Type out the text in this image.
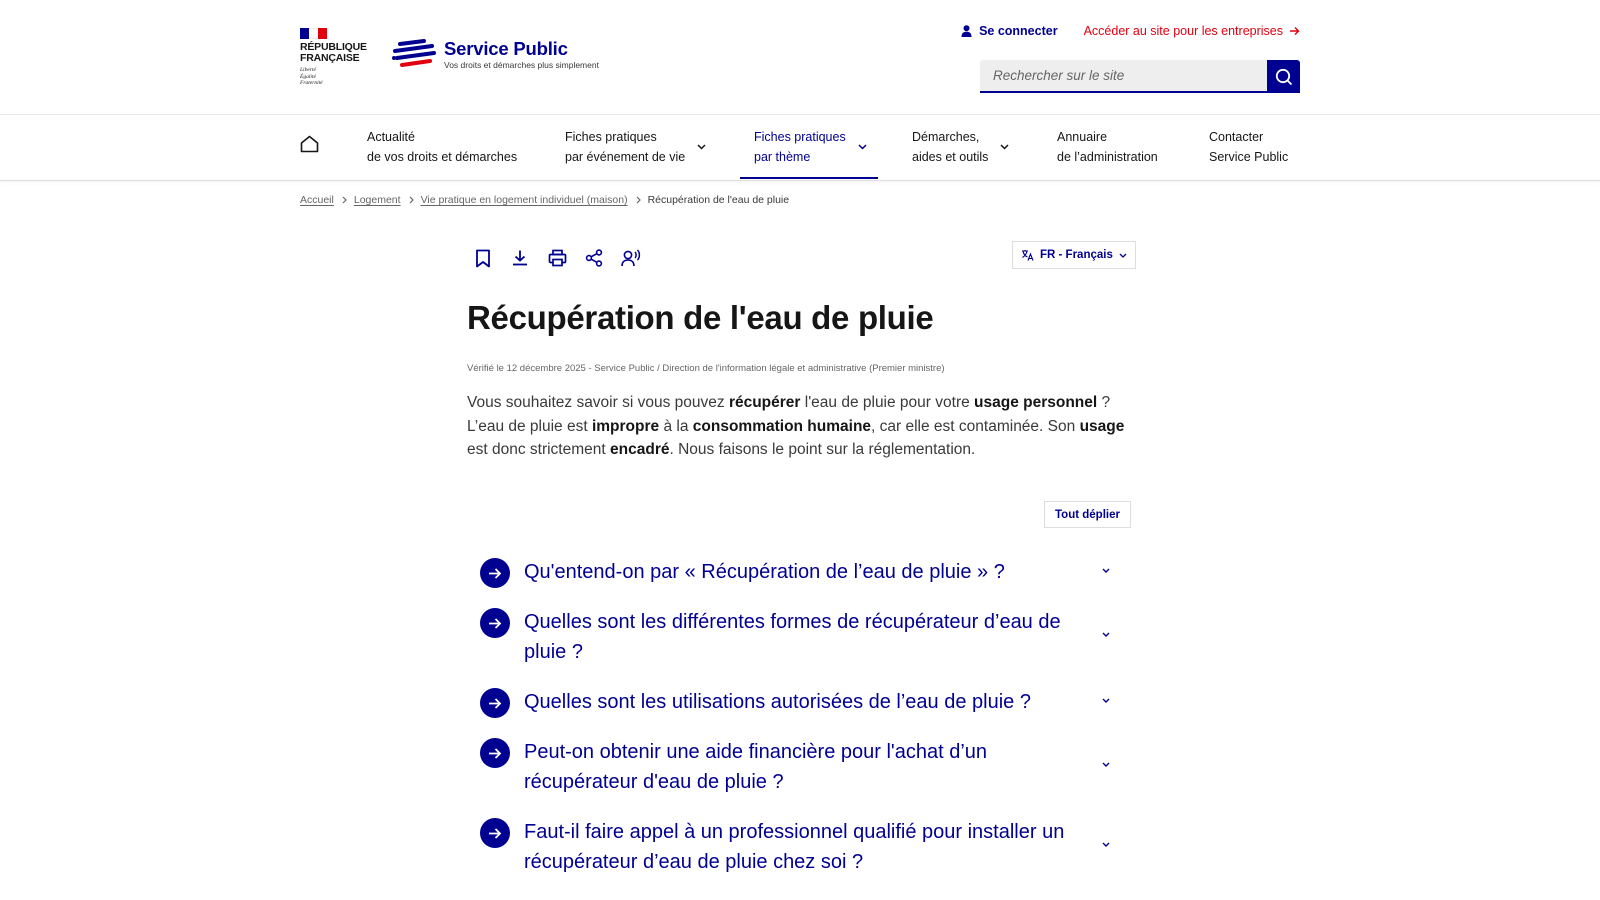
RÉPUBLIQUE
FRANÇAISE
Liberté
Égalité
Fraternité
Service Public
Vos droits et démarches plus simplement
Se connecter Accéder au site pour les entreprises
Rechercher sur le site
Actualité
de vos droits et démarches
Fiches pratiques
par événement de vie
Fiches pratiques
par thème
Démarches,
aides et outils
Annuaire
de l’administration
Contacter
Service Public
Accueil Logement Vie pratique en logement individuel (maison) Récupération de l'eau de pluie
FR - Français
Récupération de l'eau de pluie
Vérifié le 12 décembre 2025 - Service Public / Direction de l'information légale et administrative (Premier ministre)

Vous souhaitez savoir si vous pouvez récupérer l'eau de pluie pour votre usage personnel ? L’eau de pluie est impropre à la consommation humaine, car elle est contaminée. Son usage est donc strictement encadré. Nous faisons le point sur la réglementation.

Tout déplier
Qu'entend-on par « Récupération de l’eau de pluie » ?
Quelles sont les différentes formes de récupérateur d’eau de pluie ?
Quelles sont les utilisations autorisées de l’eau de pluie ?
Peut-on obtenir une aide financière pour l'achat d’un récupérateur d'eau de pluie ?
Faut-il faire appel à un professionnel qualifié pour installer un récupérateur d’eau de pluie chez soi ?
